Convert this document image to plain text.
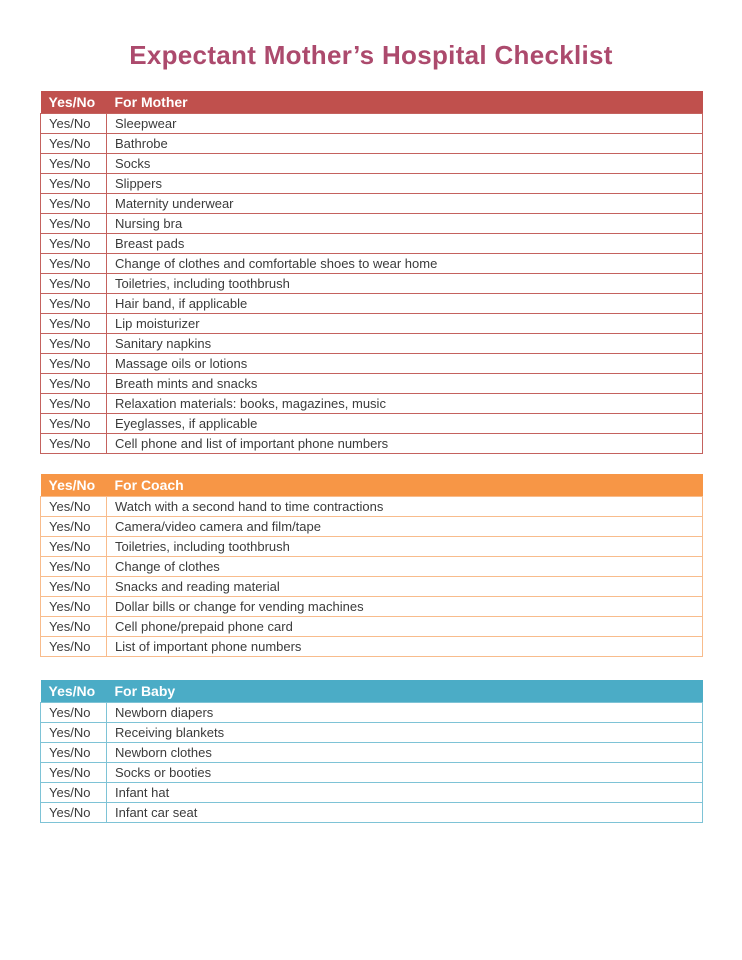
Expectant Mother’s Hospital Checklist
Yes/No	For Mother
Yes/No	Sleepwear
Yes/No	Bathrobe
Yes/No	Socks
Yes/No	Slippers
Yes/No	Maternity underwear
Yes/No	Nursing bra
Yes/No	Breast pads
Yes/No	Change of clothes and comfortable shoes to wear home
Yes/No	Toiletries, including toothbrush
Yes/No	Hair band, if applicable
Yes/No	Lip moisturizer
Yes/No	Sanitary napkins
Yes/No	Massage oils or lotions
Yes/No	Breath mints and snacks
Yes/No	Relaxation materials: books, magazines, music
Yes/No	Eyeglasses, if applicable
Yes/No	Cell phone and list of important phone numbers
Yes/No	For Coach
Yes/No	Watch with a second hand to time contractions
Yes/No	Camera/video camera and film/tape
Yes/No	Toiletries, including toothbrush
Yes/No	Change of clothes
Yes/No	Snacks and reading material
Yes/No	Dollar bills or change for vending machines
Yes/No	Cell phone/prepaid phone card
Yes/No	List of important phone numbers
Yes/No	For Baby
Yes/No	Newborn diapers
Yes/No	Receiving blankets
Yes/No	Newborn clothes
Yes/No	Socks or booties
Yes/No	Infant hat
Yes/No	Infant car seat
